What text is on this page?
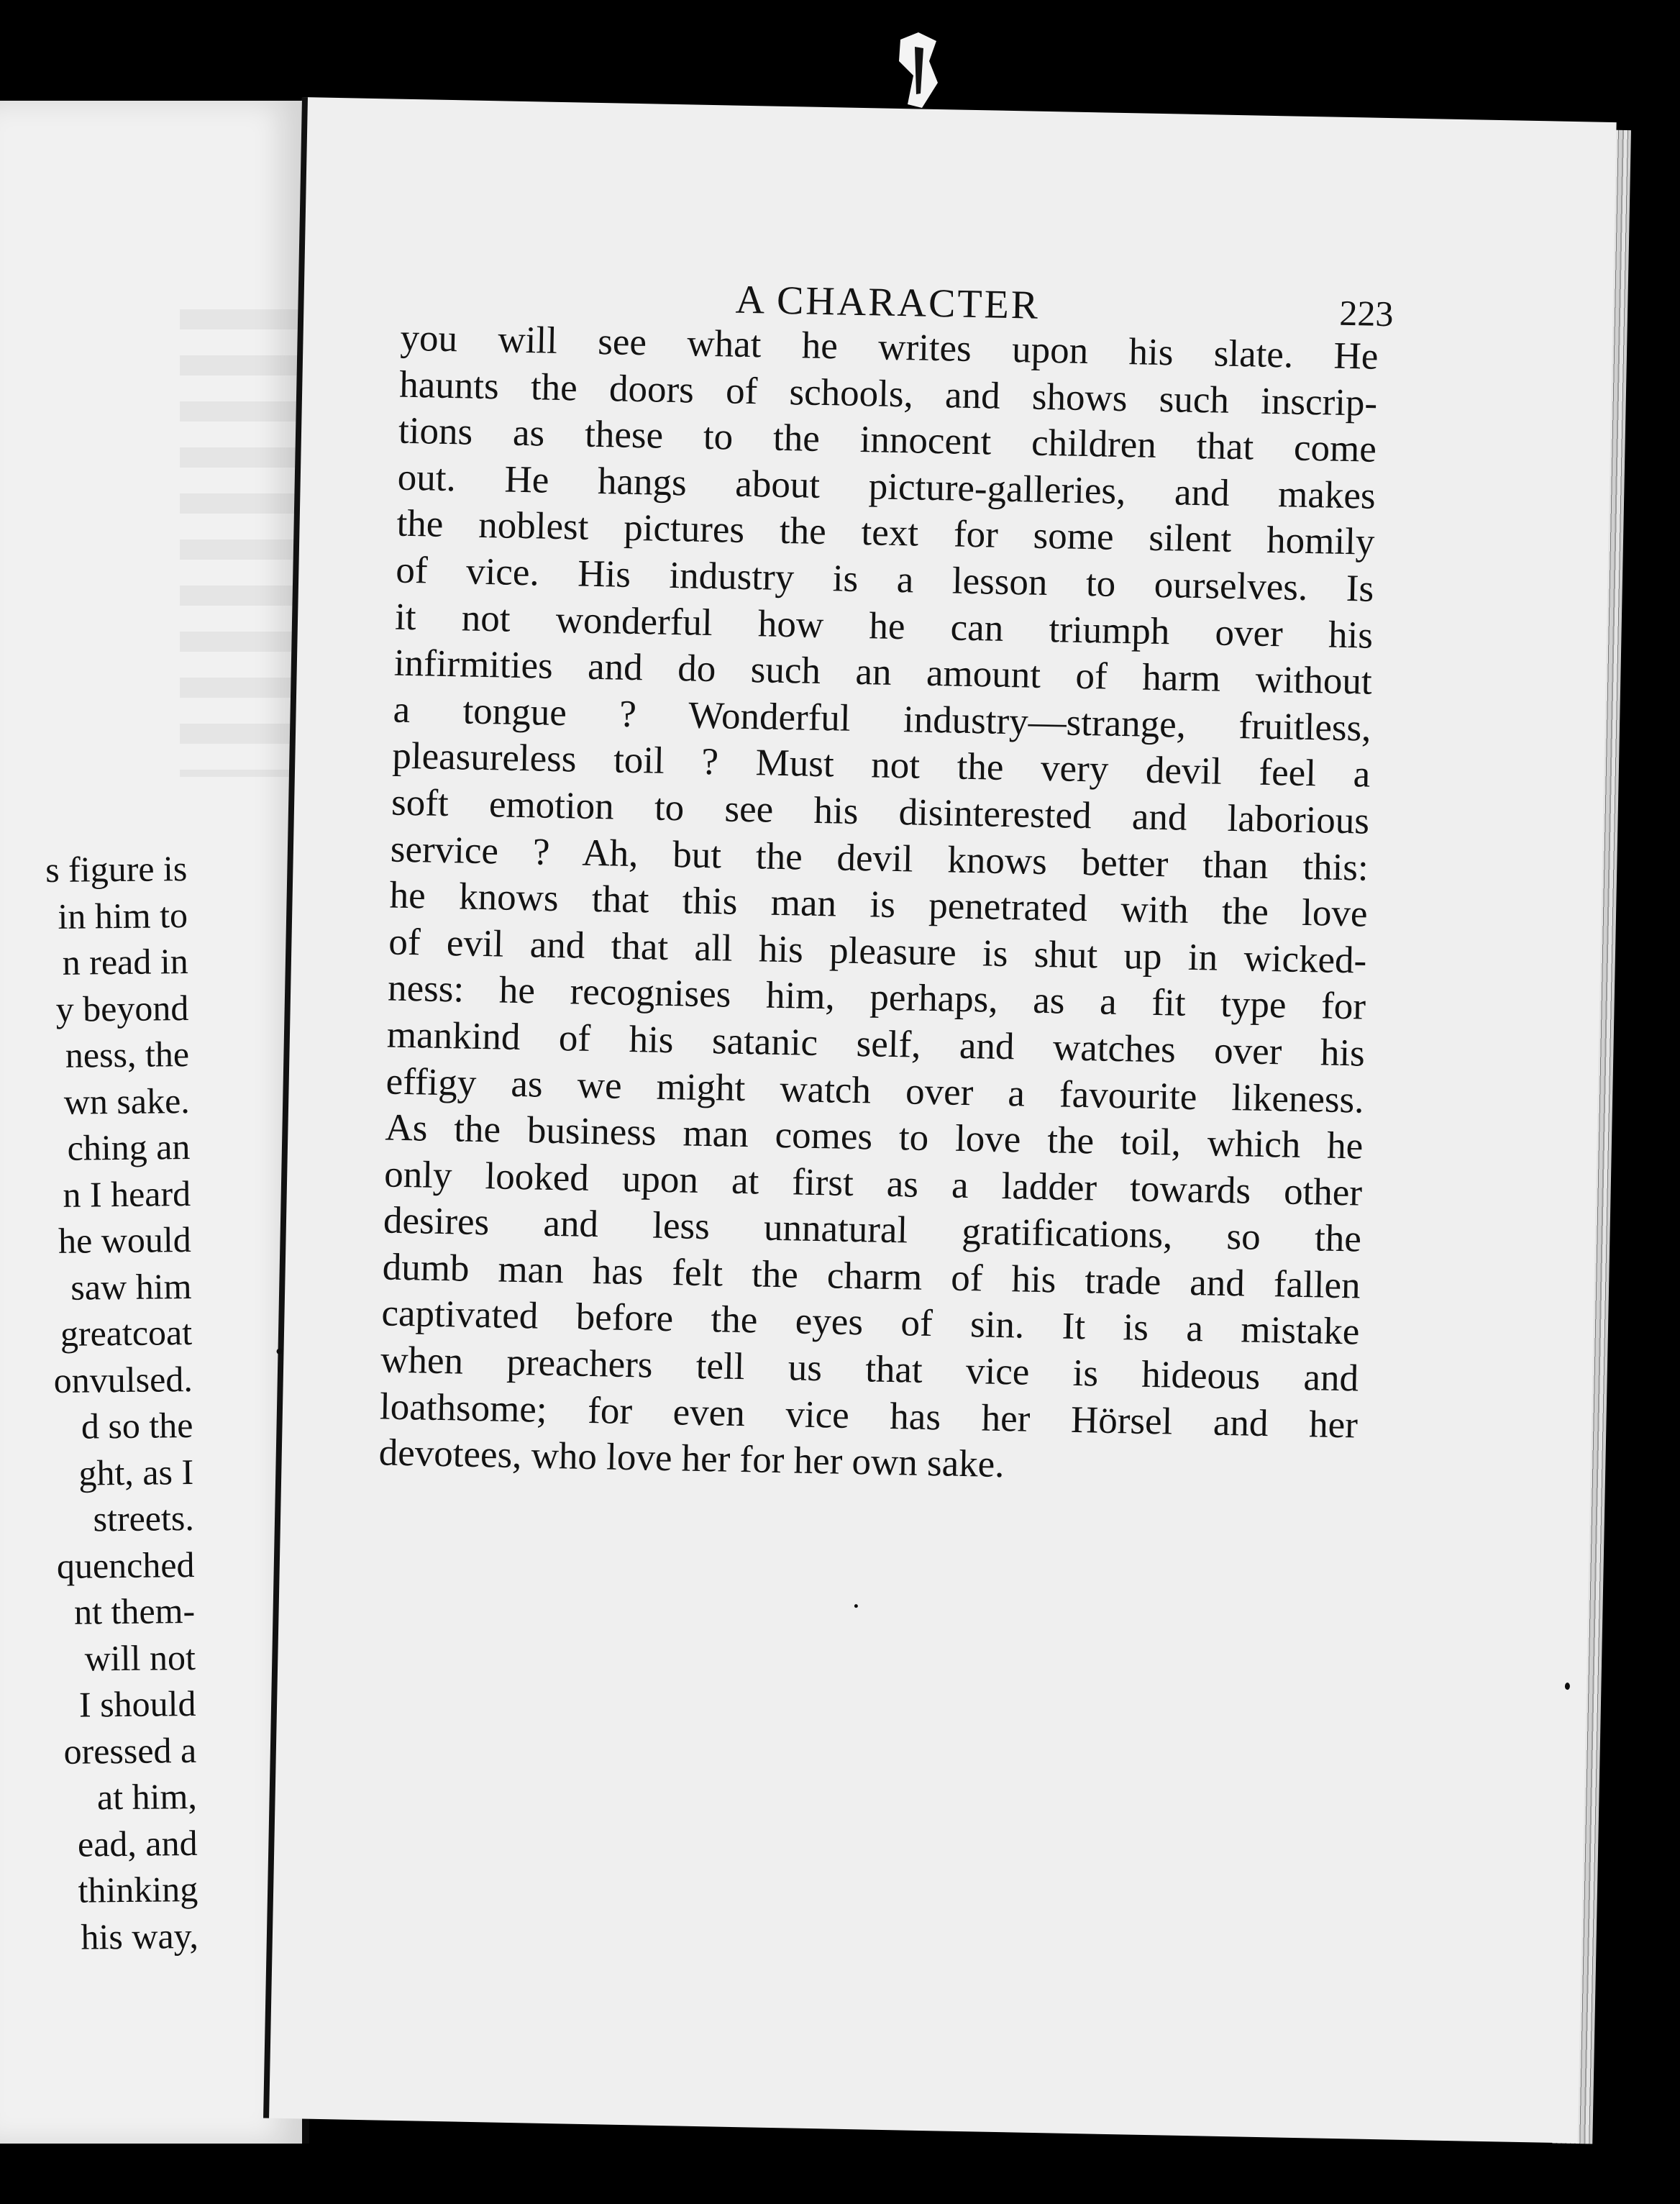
s figure is
in him to
n read in
y beyond
ness, the
wn sake.
ching an
n I heard
he would
saw him
greatcoat
onvulsed.
d so the
ght, as I
streets.
quenched
nt them-
will not
I should
oressed a
at him,
ead, and
thinking
his way,
A CHARACTER	223
you will see what he writes upon his slate. He
haunts the doors of schools, and shows such inscrip-
tions as these to the innocent children that come
out. He hangs about picture-galleries, and makes
the noblest pictures the text for some silent homily
of vice. His industry is a lesson to ourselves. Is
it not wonderful how he can triumph over his
infirmities and do such an amount of harm without
a tongue ? Wonderful industry—strange, fruitless,
pleasureless toil ? Must not the very devil feel a
soft emotion to see his disinterested and laborious
service ? Ah, but the devil knows better than this:
he knows that this man is penetrated with the love
of evil and that all his pleasure is shut up in wicked-
ness: he recognises him, perhaps, as a fit type for
mankind of his satanic self, and watches over his
effigy as we might watch over a favourite likeness.
As the business man comes to love the toil, which he
only looked upon at first as a ladder towards other
desires and less unnatural gratifications, so the
dumb man has felt the charm of his trade and fallen
captivated before the eyes of sin. It is a mistake
when preachers tell us that vice is hideous and
loathsome; for even vice has her Hörsel and her
devotees, who love her for her own sake.
